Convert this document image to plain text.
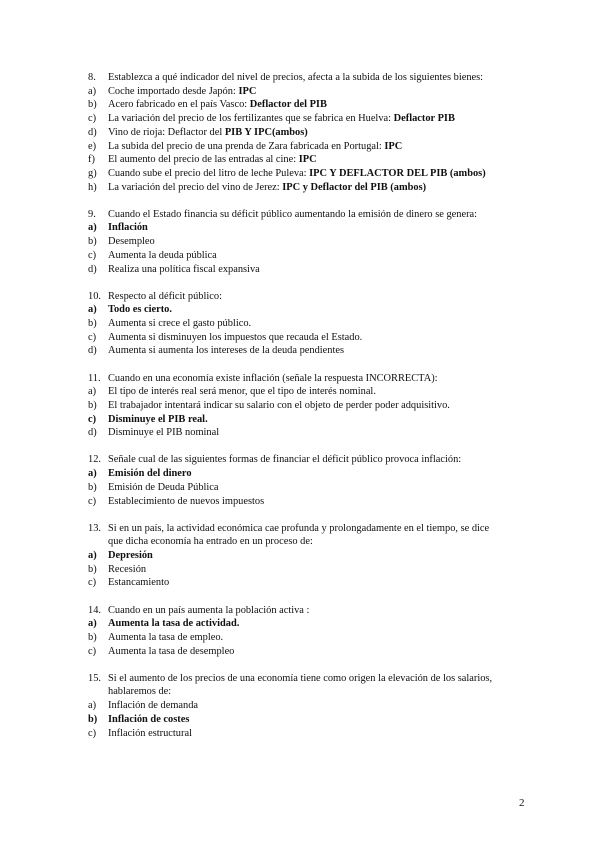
8. Establezca a qué indicador del nivel de precios, afecta a la subida de los siguientes bienes:
a) Coche importado desde Japón: IPC
b) Acero fabricado en el país Vasco: Deflactor del PIB
c) La variación del precio de los fertilizantes que se fabrica en Huelva: Deflactor PIB
d) Vino de rioja: Deflactor del PIB Y IPC(ambos)
e) La subida del precio de una prenda de Zara fabricada en Portugal: IPC
f) El aumento del precio de las entradas al cine: IPC
g) Cuando sube el precio del litro de leche Puleva: IPC Y DEFLACTOR DEL PIB (ambos)
h) La variación del precio del vino de Jerez: IPC y Deflactor del PIB (ambos)
9. Cuando el Estado financia su déficit público aumentando la emisión de dinero se genera:
a) Inflación
b) Desempleo
c) Aumenta la deuda pública
d) Realiza una política fiscal expansiva
10. Respecto al déficit público:
a) Todo es cierto.
b) Aumenta si crece el gasto público.
c) Aumenta si disminuyen los impuestos que recauda el Estado.
d) Aumenta si aumenta los intereses de la deuda pendientes
11. Cuando en una economía existe inflación (señale la respuesta INCORRECTA):
a) El tipo de interés real será menor, que el tipo de interés nominal.
b) El trabajador intentará indicar su salario con el objeto de perder poder adquisitivo.
c) Disminuye el PIB real.
d) Disminuye el PIB nominal
12. Señale cual de las siguientes formas de financiar el déficit público provoca inflación:
a) Emisión del dinero
b) Emisión de Deuda Pública
c) Establecimiento de nuevos impuestos
13. Si en un país, la actividad económica cae profunda y prolongadamente en el tiempo, se dice
que dicha economía ha entrado en un proceso de:
a) Depresión
b) Recesión
c) Estancamiento
14. Cuando en un país aumenta la población activa :
a) Aumenta la tasa de actividad.
b) Aumenta la tasa de empleo.
c) Aumenta la tasa de desempleo
15. Si el aumento de los precios de una economía tiene como origen la elevación de los salarios,
hablaremos de:
a) Inflación de demanda
b) Inflación de costes
c) Inflación estructural
2
